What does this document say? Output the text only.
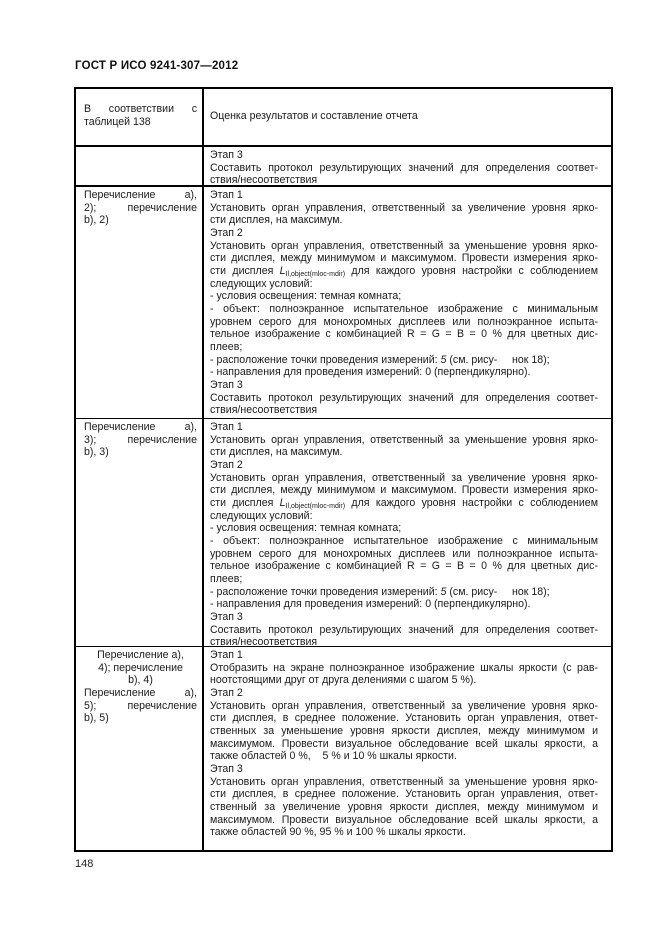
ГОСТ Р ИСО 9241-307—2012
В соответствии с
таблицей 138
Оценка результатов и составление отчета
Этап 3
Составить протокол результирующих значений для определения соответ-
ствия/несоответствия
Перечисление a),
2); перечисление
b), 2)
Этап 1
Установить орган управления, ответственный за увеличение уровня ярко-
сти дисплея, на максимум.
Этап 2
Установить орган управления, ответственный за уменьшение уровня ярко-
сти дисплея, между минимумом и максимумом. Провести измерения ярко-
сти дисплея $L_{Il,object(mloc-mdir)}$ для каждого уровня настройки с соблюдением
следующих условий:
- условия освещения: темная комната;
- объект: полноэкранное испытательное изображение с минимальным
уровнем серого для монохромных дисплеев или полноэкранное испыта-
тельное изображение с комбинацией R = G = B = 0 % для цветных дис-
плеев;
- расположение точки проведения измерений: 5 (см. рису-     нок 18);
- направления для проведения измерений: 0 (перпендикулярно).
Этап 3
Составить протокол результирующих значений для определения соответ-
ствия/несоответствия
Перечисление a),
3); перечисление
b), 3)
Этап 1
Установить орган управления, ответственный за уменьшение уровня ярко-
сти дисплея, на максимум.
Этап 2
Установить орган управления, ответственный за увеличение уровня ярко-
сти дисплея, между минимумом и максимумом. Провести измерения ярко-
сти дисплея $L_{Il,object(mloc-mdir)}$ для каждого уровня настройки с соблюдением
следующих условий:
- условия освещения: темная комната;
- объект: полноэкранное испытательное изображение с минимальным
уровнем серого для монохромных дисплеев или полноэкранное испыта-
тельное изображение с комбинацией R = G = B = 0 % для цветных дис-
плеев;
- расположение точки проведения измерений: 5 (см. рису-     нок 18);
- направления для проведения измерений: 0 (перпендикулярно).
Этап 3
Составить протокол результирующих значений для определения соответ-
ствия/несоответствия
Перечисление a),
4); перечисление
b), 4)
Перечисление a),
5); перечисление
b), 5)
Этап 1
Отобразить на экране полноэкранное изображение шкалы яркости (с рав-
ноотстоящими друг от друга делениями с шагом 5 %).
Этап 2
Установить орган управления, ответственный за увеличение уровня ярко-
сти дисплея, в среднее положение. Установить орган управления, ответ-
ственных за уменьшение уровня яркости дисплея, между минимумом и
максимумом. Провести визуальное обследование всей шкалы яркости, а
также областей 0 %,    5 % и 10 % шкалы яркости.
Этап 3
Установить орган управления, ответственный за уменьшение уровня ярко-
сти дисплея, в среднее положение. Установить орган управления, ответ-
ственный за увеличение уровня яркости дисплея, между минимумом и
максимумом. Провести визуальное обследование всей шкалы яркости, а
также областей 90 %, 95 % и 100 % шкалы яркости.
148
